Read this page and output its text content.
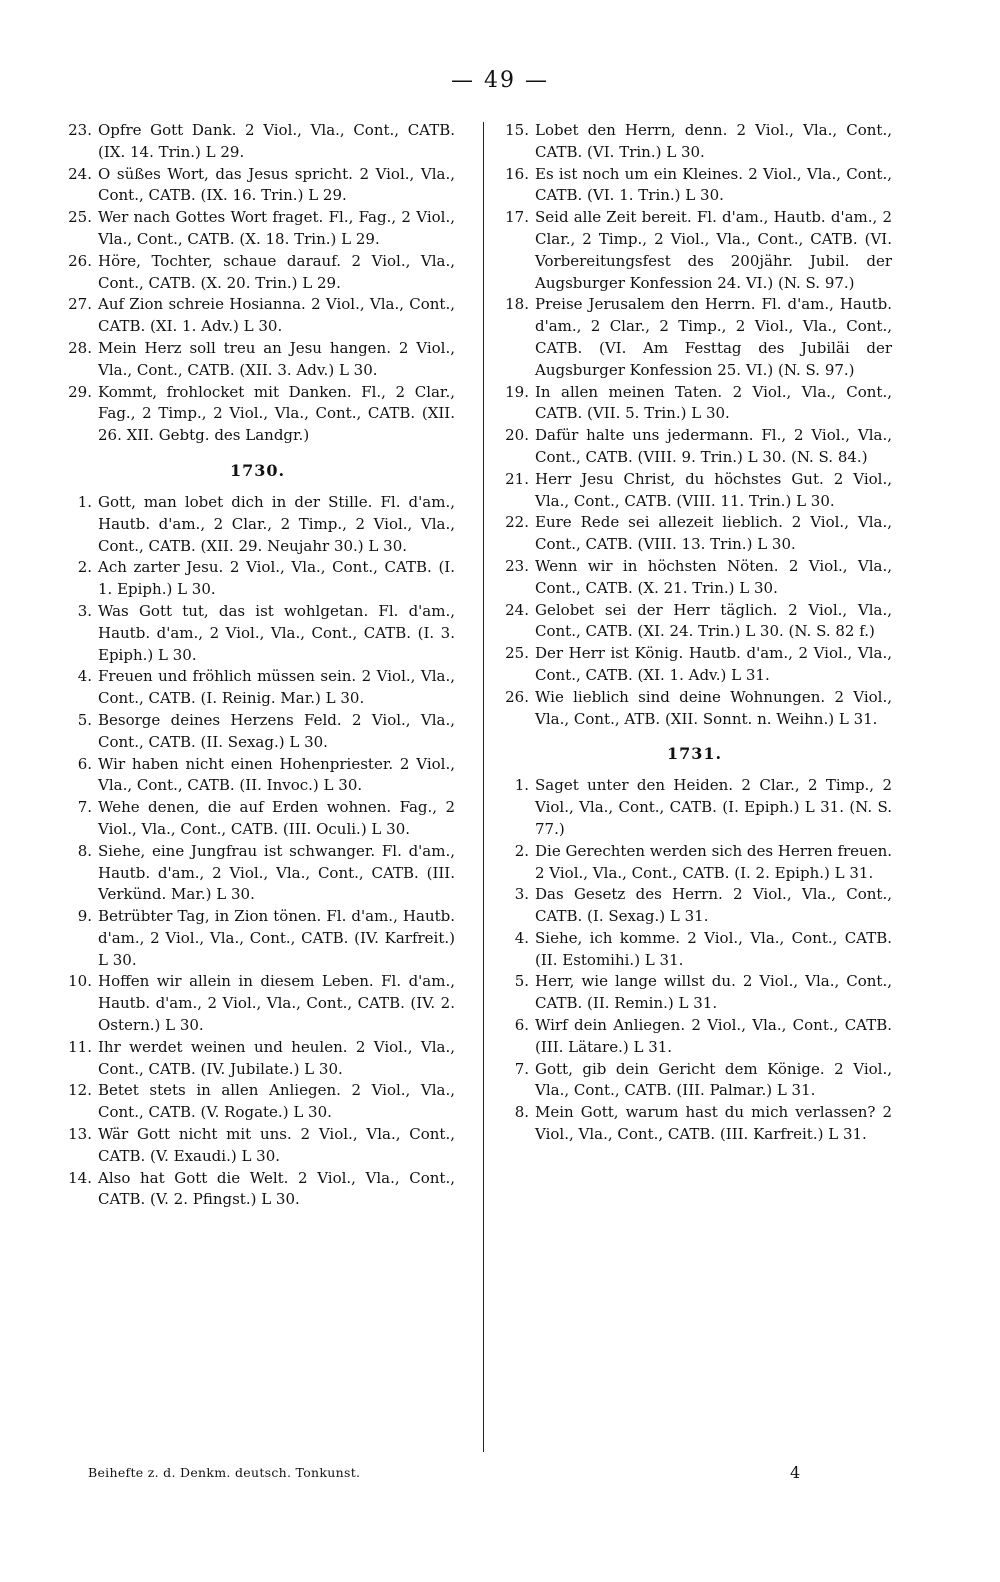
— 49 —

23. Opfre Gott Dank. 2 Viol., Vla., Cont., CATB. (IX. 14. Trin.) L 29.

24. O süßes Wort, das Jesus spricht. 2 Viol., Vla., Cont., CATB. (IX. 16. Trin.) L 29.

25. Wer nach Gottes Wort fraget. Fl., Fag., 2 Viol., Vla., Cont., CATB. (X. 18. Trin.) L 29.

26. Höre, Tochter, schaue darauf. 2 Viol., Vla., Cont., CATB. (X. 20. Trin.) L 29.

27. Auf Zion schreie Hosianna. 2 Viol., Vla., Cont., CATB. (XI. 1. Adv.) L 30.

28. Mein Herz soll treu an Jesu hangen. 2 Viol., Vla., Cont., CATB. (XII. 3. Adv.) L 30.

29. Kommt, frohlocket mit Danken. Fl., 2 Clar., Fag., 2 Timp., 2 Viol., Vla., Cont., CATB. (XII. 26. XII. Gebtg. des Landgr.)

1730.

1. Gott, man lobet dich in der Stille. Fl. d'am., Hautb. d'am., 2 Clar., 2 Timp., 2 Viol., Vla., Cont., CATB. (XII. 29. Neujahr 30.) L 30.

2. Ach zarter Jesu. 2 Viol., Vla., Cont., CATB. (I. 1. Epiph.) L 30.

3. Was Gott tut, das ist wohlgetan. Fl. d'am., Hautb. d'am., 2 Viol., Vla., Cont., CATB. (I. 3. Epiph.) L 30.

4. Freuen und fröhlich müssen sein. 2 Viol., Vla., Cont., CATB. (I. Reinig. Mar.) L 30.

5. Besorge deines Herzens Feld. 2 Viol., Vla., Cont., CATB. (II. Sexag.) L 30.

6. Wir haben nicht einen Hohenpriester. 2 Viol., Vla., Cont., CATB. (II. Invoc.) L 30.

7. Wehe denen, die auf Erden wohnen. Fag., 2 Viol., Vla., Cont., CATB. (III. Oculi.) L 30.

8. Siehe, eine Jungfrau ist schwanger. Fl. d'am., Hautb. d'am., 2 Viol., Vla., Cont., CATB. (III. Verkünd. Mar.) L 30.

9. Betrübter Tag, in Zion tönen. Fl. d'am., Hautb. d'am., 2 Viol., Vla., Cont., CATB. (IV. Karfreit.) L 30.

10. Hoffen wir allein in diesem Leben. Fl. d'am., Hautb. d'am., 2 Viol., Vla., Cont., CATB. (IV. 2. Ostern.) L 30.

11. Ihr werdet weinen und heulen. 2 Viol., Vla., Cont., CATB. (IV. Jubilate.) L 30.

12. Betet stets in allen Anliegen. 2 Viol., Vla., Cont., CATB. (V. Rogate.) L 30.

13. Wär Gott nicht mit uns. 2 Viol., Vla., Cont., CATB. (V. Exaudi.) L 30.

14. Also hat Gott die Welt. 2 Viol., Vla., Cont., CATB. (V. 2. Pfingst.) L 30.

15. Lobet den Herrn, denn. 2 Viol., Vla., Cont., CATB. (VI. Trin.) L 30.

16. Es ist noch um ein Kleines. 2 Viol., Vla., Cont., CATB. (VI. 1. Trin.) L 30.

17. Seid alle Zeit bereit. Fl. d'am., Hautb. d'am., 2 Clar., 2 Timp., 2 Viol., Vla., Cont., CATB. (VI. Vorbereitungsfest des 200jähr. Jubil. der Augsburger Konfession 24. VI.) (N. S. 97.)

18. Preise Jerusalem den Herrn. Fl. d'am., Hautb. d'am., 2 Clar., 2 Timp., 2 Viol., Vla., Cont., CATB. (VI. Am Festtag des Jubiläi der Augsburger Konfession 25. VI.) (N. S. 97.)

19. In allen meinen Taten. 2 Viol., Vla., Cont., CATB. (VII. 5. Trin.) L 30.

20. Dafür halte uns jedermann. Fl., 2 Viol., Vla., Cont., CATB. (VIII. 9. Trin.) L 30. (N. S. 84.)

21. Herr Jesu Christ, du höchstes Gut. 2 Viol., Vla., Cont., CATB. (VIII. 11. Trin.) L 30.

22. Eure Rede sei allezeit lieblich. 2 Viol., Vla., Cont., CATB. (VIII. 13. Trin.) L 30.

23. Wenn wir in höchsten Nöten. 2 Viol., Vla., Cont., CATB. (X. 21. Trin.) L 30.

24. Gelobet sei der Herr täglich. 2 Viol., Vla., Cont., CATB. (XI. 24. Trin.) L 30. (N. S. 82 f.)

25. Der Herr ist König. Hautb. d'am., 2 Viol., Vla., Cont., CATB. (XI. 1. Adv.) L 31.

26. Wie lieblich sind deine Wohnungen. 2 Viol., Vla., Cont., ATB. (XII. Sonnt. n. Weihn.) L 31.

1731.

1. Saget unter den Heiden. 2 Clar., 2 Timp., 2 Viol., Vla., Cont., CATB. (I. Epiph.) L 31. (N. S. 77.)

2. Die Gerechten werden sich des Herren freuen. 2 Viol., Vla., Cont., CATB. (I. 2. Epiph.) L 31.

3. Das Gesetz des Herrn. 2 Viol., Vla., Cont., CATB. (I. Sexag.) L 31.

4. Siehe, ich komme. 2 Viol., Vla., Cont., CATB. (II. Estomihi.) L 31.

5. Herr, wie lange willst du. 2 Viol., Vla., Cont., CATB. (II. Remin.) L 31.

6. Wirf dein Anliegen. 2 Viol., Vla., Cont., CATB. (III. Lätare.) L 31.

7. Gott, gib dein Gericht dem Könige. 2 Viol., Vla., Cont., CATB. (III. Palmar.) L 31.

8. Mein Gott, warum hast du mich verlassen? 2 Viol., Vla., Cont., CATB. (III. Karfreit.) L 31.

Beihefte z. d. Denkm. deutsch. Tonkunst.	4
